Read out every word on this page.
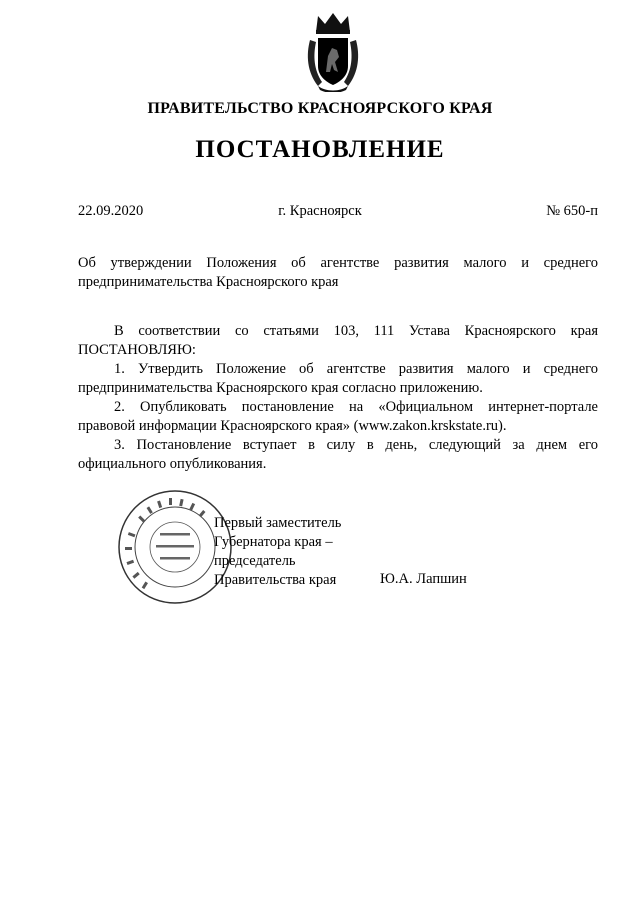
ПРАВИТЕЛЬСТВО КРАСНОЯРСКОГО КРАЯ
ПОСТАНОВЛЕНИЕ
22.09.2020	г. Красноярск	№ 650-п
Об утверждении Положения об агентстве развития малого и среднего
предпринимательства Красноярского края
В соответствии со статьями 103, 111 Устава Красноярского края
ПОСТАНОВЛЯЮ:
1. Утвердить Положение об агентстве развития малого и среднего
предпринимательства Красноярского края согласно приложению.
2. Опубликовать постановление на «Официальном интернет-портале
правовой информации Красноярского края» (www.zakon.krskstate.ru).
3. Постановление вступает в силу в день, следующий за днем его
официального опубликования.
Первый заместитель
Губернатора края –
председатель
Правительства края	Ю.А. Лапшин
